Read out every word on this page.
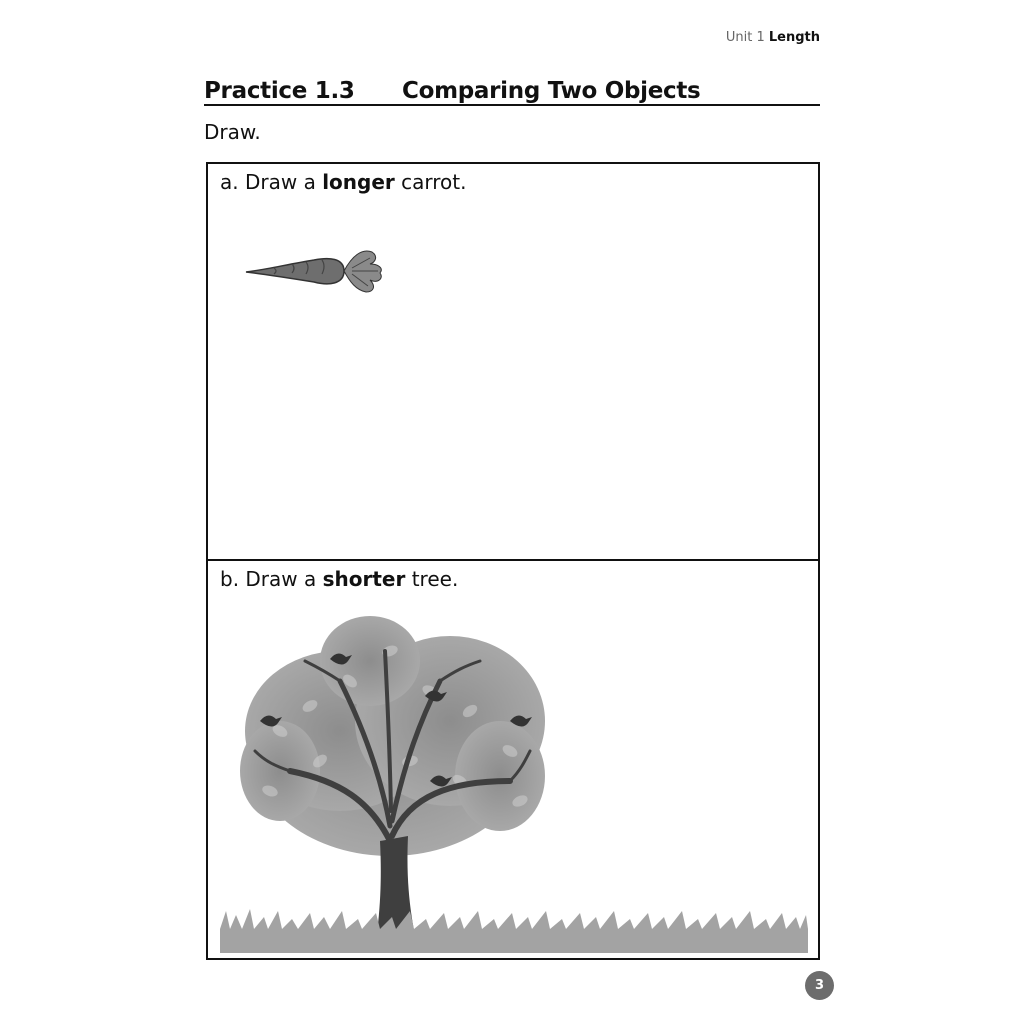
Unit 1 Length
Practice 1.3 Comparing Two Objects
Draw.
a. Draw a longer carrot.
b. Draw a shorter tree.
3
